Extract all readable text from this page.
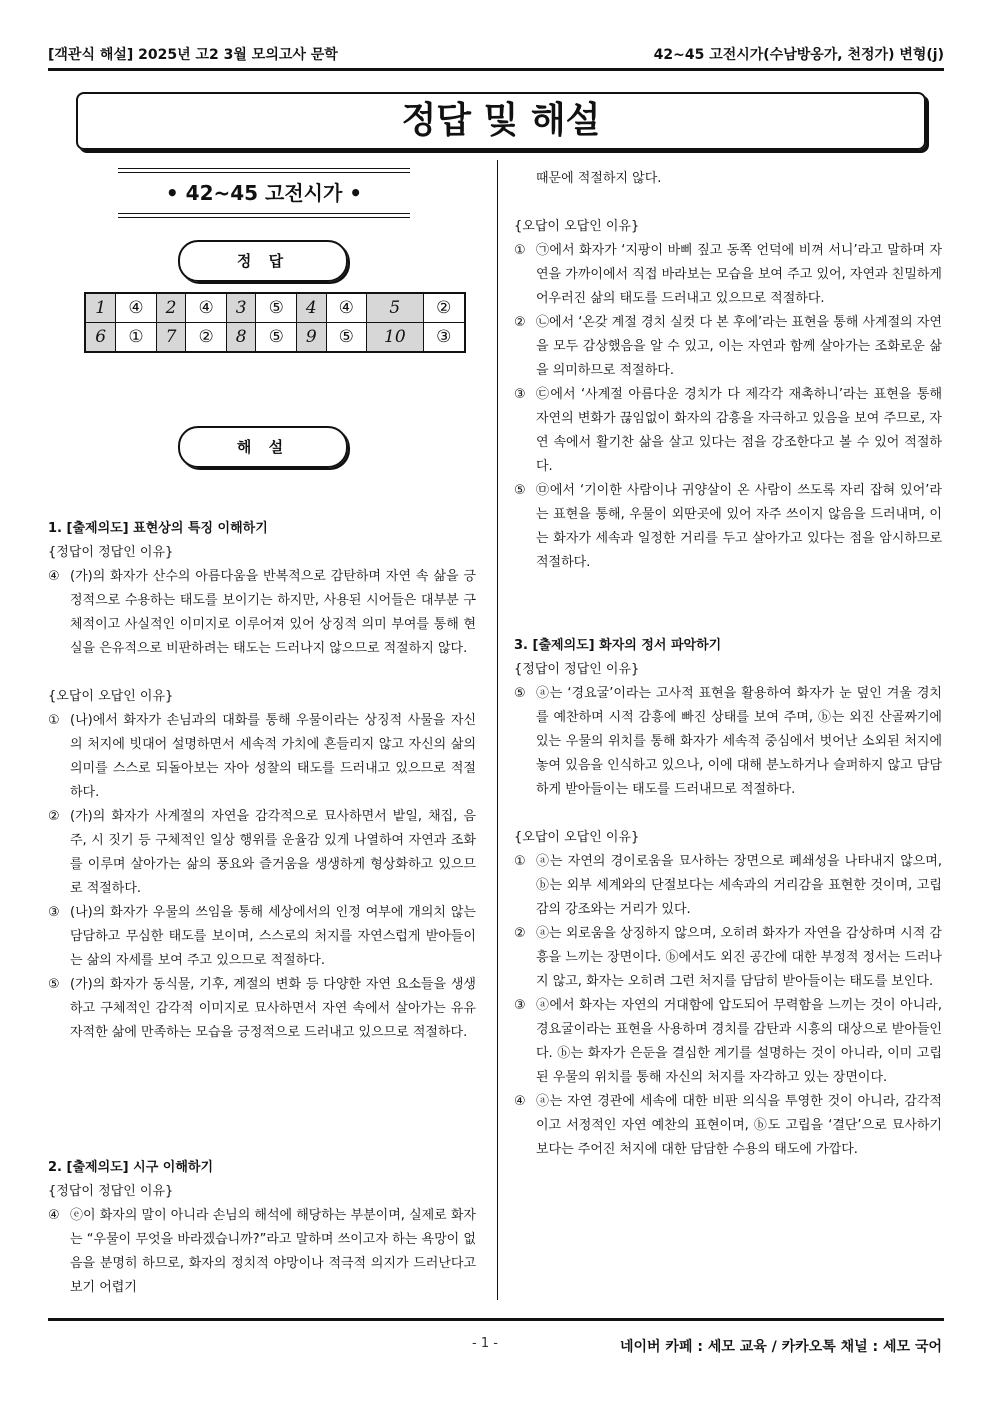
[객관식 해설] 2025년 고2 3월 모의고사 문학	42~45 고전시가(수남방옹가, 천정가) 변형(j)
정답 및 해설
• 42~45 고전시가 •
정 답
1	④	2	④	3	⑤	4	④	5	②
6	①	7	②	8	⑤	9	⑤	10	③
해 설
1. [출제의도] 표현상의 특징 이해하기
{정답이 정답인 이유}
④ (가)의 화자가 산수의 아름다움을 반복적으로 감탄하며 자연 속 삶을 긍정적으로 수용하는 태도를 보이기는 하지만, 사용된 시어들은 대부분 구체적이고 사실적인 이미지로 이루어져 있어 상징적 의미 부여를 통해 현실을 은유적으로 비판하려는 태도는 드러나지 않으므로 적절하지 않다.
{오답이 오답인 이유}
① (나)에서 화자가 손님과의 대화를 통해 우물이라는 상징적 사물을 자신의 처지에 빗대어 설명하면서 세속적 가치에 흔들리지 않고 자신의 삶의 의미를 스스로 되돌아보는 자아 성찰의 태도를 드러내고 있으므로 적절하다.
② (가)의 화자가 사계절의 자연을 감각적으로 묘사하면서 밭일, 채집, 음주, 시 짓기 등 구체적인 일상 행위를 운율감 있게 나열하여 자연과 조화를 이루며 살아가는 삶의 풍요와 즐거움을 생생하게 형상화하고 있으므로 적절하다.
③ (나)의 화자가 우물의 쓰임을 통해 세상에서의 인정 여부에 개의치 않는 담담하고 무심한 태도를 보이며, 스스로의 처지를 자연스럽게 받아들이는 삶의 자세를 보여 주고 있으므로 적절하다.
⑤ (가)의 화자가 동식물, 기후, 계절의 변화 등 다양한 자연 요소들을 생생하고 구체적인 감각적 이미지로 묘사하면서 자연 속에서 살아가는 유유자적한 삶에 만족하는 모습을 긍정적으로 드러내고 있으므로 적절하다.
2. [출제의도] 시구 이해하기
{정답이 정답인 이유}
④ ⓔ이 화자의 말이 아니라 손님의 해석에 해당하는 부분이며, 실제로 화자는 “우물이 무엇을 바라겠습니까?”라고 말하며 쓰이고자 하는 욕망이 없음을 분명히 하므로, 화자의 정치적 야망이나 적극적 의지가 드러난다고 보기 어렵기
때문에 적절하지 않다.
{오답이 오답인 이유}
① ㉠에서 화자가 ‘지팡이 바삐 짚고 동쪽 언덕에 비껴 서니’라고 말하며 자연을 가까이에서 직접 바라보는 모습을 보여 주고 있어, 자연과 친밀하게 어우러진 삶의 태도를 드러내고 있으므로 적절하다.
② ㉡에서 ‘온갖 계절 경치 실컷 다 본 후에’라는 표현을 통해 사계절의 자연을 모두 감상했음을 알 수 있고, 이는 자연과 함께 살아가는 조화로운 삶을 의미하므로 적절하다.
③ ㉢에서 ‘사계절 아름다운 경치가 다 제각각 재촉하니’라는 표현을 통해 자연의 변화가 끊임없이 화자의 감흥을 자극하고 있음을 보여 주므로, 자연 속에서 활기찬 삶을 살고 있다는 점을 강조한다고 볼 수 있어 적절하다.
⑤ ㉤에서 ‘기이한 사람이나 귀양살이 온 사람이 쓰도록 자리 잡혀 있어’라는 표현을 통해, 우물이 외딴곳에 있어 자주 쓰이지 않음을 드러내며, 이는 화자가 세속과 일정한 거리를 두고 살아가고 있다는 점을 암시하므로 적절하다.
3. [출제의도] 화자의 정서 파악하기
{정답이 정답인 이유}
⑤ ⓐ는 ‘경요굴’이라는 고사적 표현을 활용하여 화자가 눈 덮인 겨울 경치를 예찬하며 시적 감흥에 빠진 상태를 보여 주며, ⓑ는 외진 산골짜기에 있는 우물의 위치를 통해 화자가 세속적 중심에서 벗어난 소외된 처지에 놓여 있음을 인식하고 있으나, 이에 대해 분노하거나 슬퍼하지 않고 담담하게 받아들이는 태도를 드러내므로 적절하다.
{오답이 오답인 이유}
① ⓐ는 자연의 경이로움을 묘사하는 장면으로 폐쇄성을 나타내지 않으며, ⓑ는 외부 세계와의 단절보다는 세속과의 거리감을 표현한 것이며, 고립감의 강조와는 거리가 있다.
② ⓐ는 외로움을 상징하지 않으며, 오히려 화자가 자연을 감상하며 시적 감흥을 느끼는 장면이다. ⓑ에서도 외진 공간에 대한 부정적 정서는 드러나지 않고, 화자는 오히려 그런 처지를 담담히 받아들이는 태도를 보인다.
③ ⓐ에서 화자는 자연의 거대함에 압도되어 무력함을 느끼는 것이 아니라, 경요굴이라는 표현을 사용하며 경치를 감탄과 시흥의 대상으로 받아들인다. ⓑ는 화자가 은둔을 결심한 계기를 설명하는 것이 아니라, 이미 고립된 우물의 위치를 통해 자신의 처지를 자각하고 있는 장면이다.
④ ⓐ는 자연 경관에 세속에 대한 비판 의식을 투영한 것이 아니라, 감각적이고 서정적인 자연 예찬의 표현이며, ⓑ도 고립을 ‘결단’으로 묘사하기보다는 주어진 처지에 대한 담담한 수용의 태도에 가깝다.
- 1 -	네이버 카페 : 세모 교육 / 카카오톡 채널 : 세모 국어
